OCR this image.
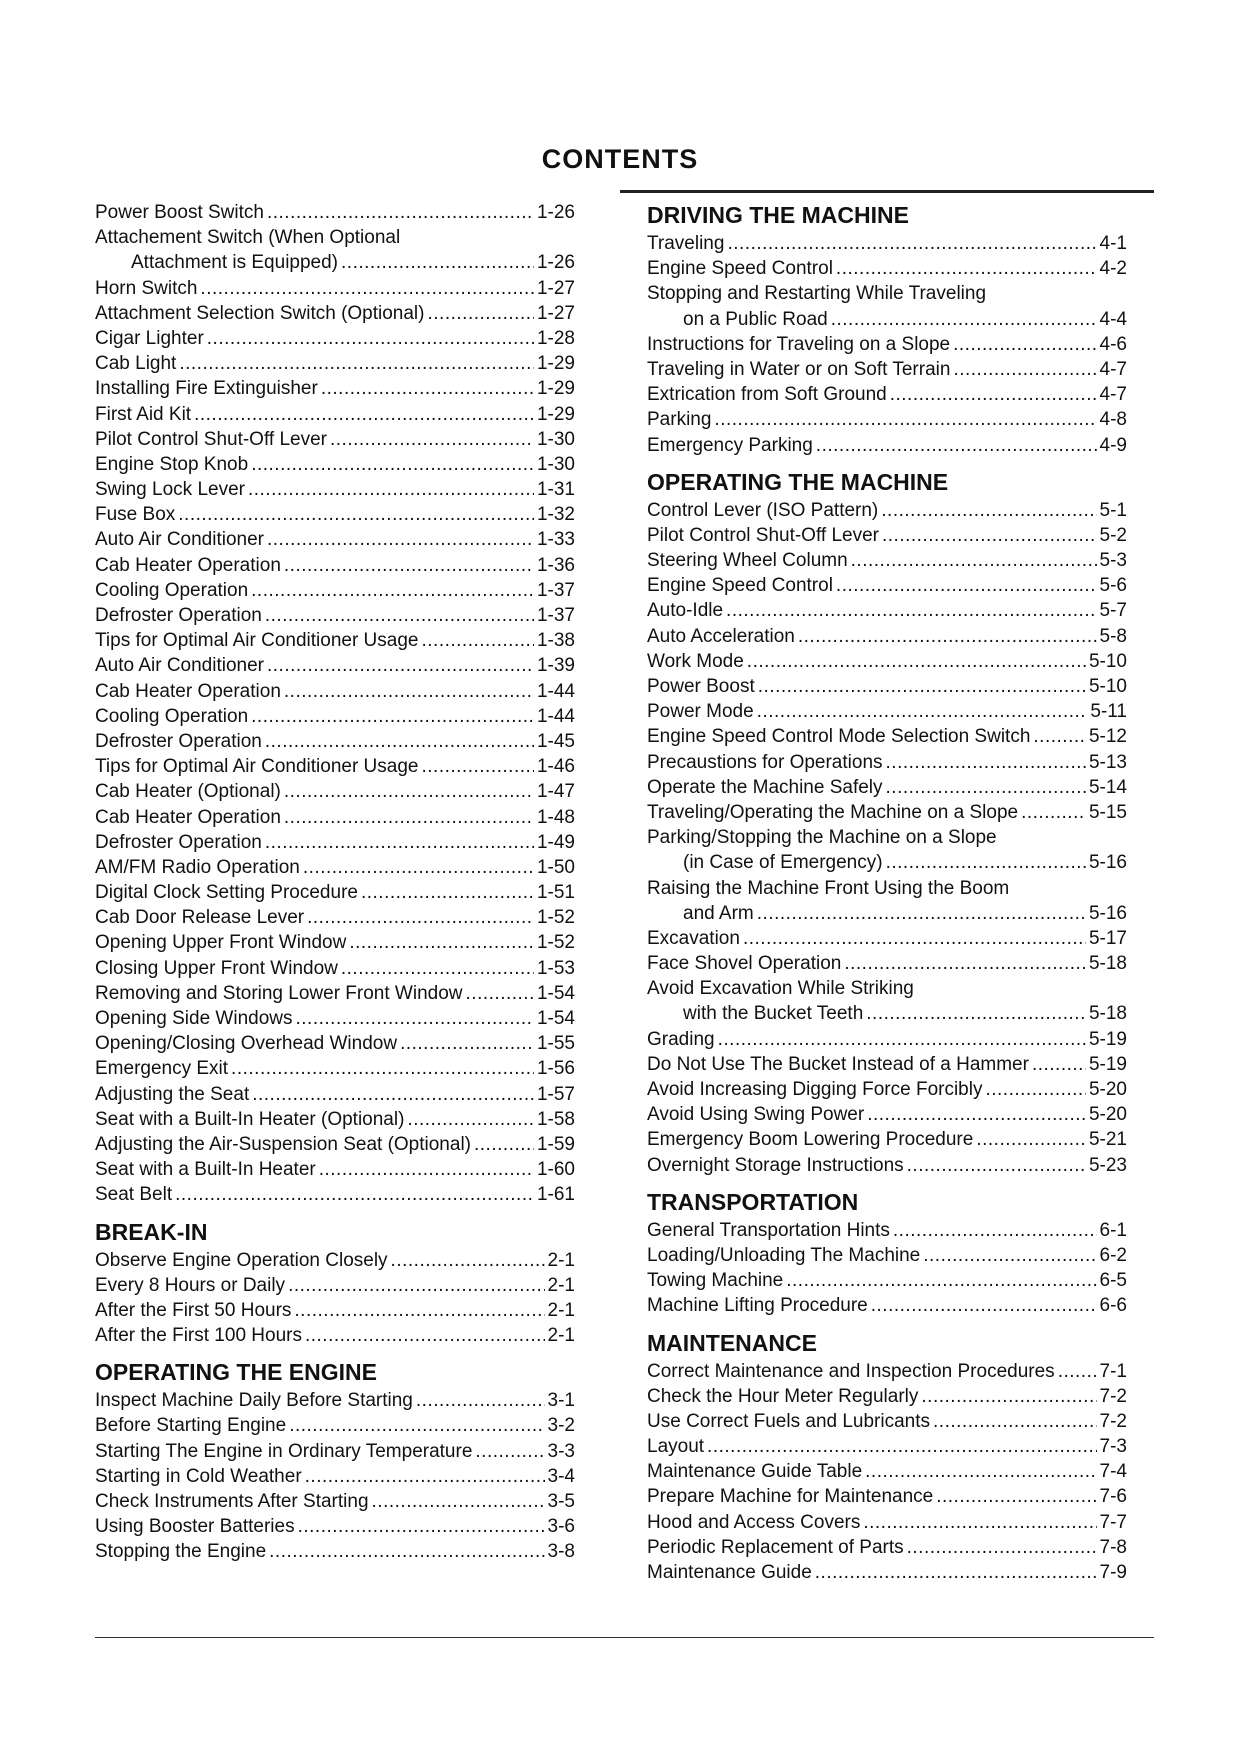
CONTENTS
Power Boost Switch .....	1-26
Attachement Switch (When Optional
Attachment is Equipped) .....	1-26
Horn Switch .....	1-27
Attachment Selection Switch (Optional) .....	1-27
Cigar Lighter .....	1-28
Cab Light .....	1-29
Installing Fire Extinguisher .....	1-29
First Aid Kit .....	1-29
Pilot Control Shut-Off Lever .....	1-30
Engine Stop Knob .....	1-30
Swing Lock Lever .....	1-31
Fuse Box .....	1-32
Auto Air Conditioner .....	1-33
Cab Heater Operation .....	1-36
Cooling Operation .....	1-37
Defroster Operation .....	1-37
Tips for Optimal Air Conditioner Usage .....	1-38
Auto Air Conditioner .....	1-39
Cab Heater Operation .....	1-44
Cooling Operation .....	1-44
Defroster Operation .....	1-45
Tips for Optimal Air Conditioner Usage .....	1-46
Cab Heater (Optional) .....	1-47
Cab Heater Operation .....	1-48
Defroster Operation .....	1-49
AM/FM Radio Operation .....	1-50
Digital Clock Setting Procedure .....	1-51
Cab Door Release Lever .....	1-52
Opening Upper Front Window .....	1-52
Closing Upper Front Window .....	1-53
Removing and Storing Lower Front Window .....	1-54
Opening Side Windows .....	1-54
Opening/Closing Overhead Window .....	1-55
Emergency Exit .....	1-56
Adjusting the Seat .....	1-57
Seat with a Built-In Heater (Optional) .....	1-58
Adjusting the Air-Suspension Seat (Optional) .....	1-59
Seat with a Built-In Heater .....	1-60
Seat Belt .....	1-61
BREAK-IN
Observe Engine Operation Closely .....	2-1
Every 8 Hours or Daily .....	2-1
After the First 50 Hours .....	2-1
After the First 100 Hours .....	2-1
OPERATING THE ENGINE
Inspect Machine Daily Before Starting .....	3-1
Before Starting Engine .....	3-2
Starting The Engine in Ordinary Temperature .....	3-3
Starting in Cold Weather .....	3-4
Check Instruments After Starting .....	3-5
Using Booster Batteries .....	3-6
Stopping the Engine .....	3-8
DRIVING THE MACHINE
Traveling .....	4-1
Engine Speed Control .....	4-2
Stopping and Restarting While Traveling
on a Public Road .....	4-4
Instructions for Traveling on a Slope .....	4-6
Traveling in Water or on Soft Terrain .....	4-7
Extrication from Soft Ground .....	4-7
Parking .....	4-8
Emergency Parking .....	4-9
OPERATING THE MACHINE
Control Lever (ISO Pattern) .....	5-1
Pilot Control Shut-Off Lever .....	5-2
Steering Wheel Column .....	5-3
Engine Speed Control .....	5-6
Auto-Idle .....	5-7
Auto Acceleration .....	5-8
Work Mode .....	5-10
Power Boost .....	5-10
Power Mode .....	5-11
Engine Speed Control Mode Selection Switch .....	5-12
Precaustions for Operations .....	5-13
Operate the Machine Safely .....	5-14
Traveling/Operating the Machine on a Slope .....	5-15
Parking/Stopping the Machine on a Slope
(in Case of Emergency) .....	5-16
Raising the Machine Front Using the Boom
and Arm .....	5-16
Excavation .....	5-17
Face Shovel Operation .....	5-18
Avoid Excavation While Striking
with the Bucket Teeth .....	5-18
Grading .....	5-19
Do Not Use The Bucket Instead of a Hammer .....	5-19
Avoid Increasing Digging Force Forcibly .....	5-20
Avoid Using Swing Power .....	5-20
Emergency Boom Lowering Procedure .....	5-21
Overnight Storage Instructions .....	5-23
TRANSPORTATION
General Transportation Hints .....	6-1
Loading/Unloading The Machine .....	6-2
Towing Machine .....	6-5
Machine Lifting Procedure .....	6-6
MAINTENANCE
Correct Maintenance and Inspection Procedures ..... 7-1
Check the Hour Meter Regularly .....	7-2
Use Correct Fuels and Lubricants .....	7-2
Layout .....	7-3
Maintenance Guide Table .....	7-4
Prepare Machine for Maintenance .....	7-6
Hood and Access Covers .....	7-7
Periodic Replacement of Parts .....	7-8
Maintenance Guide .....	7-9
